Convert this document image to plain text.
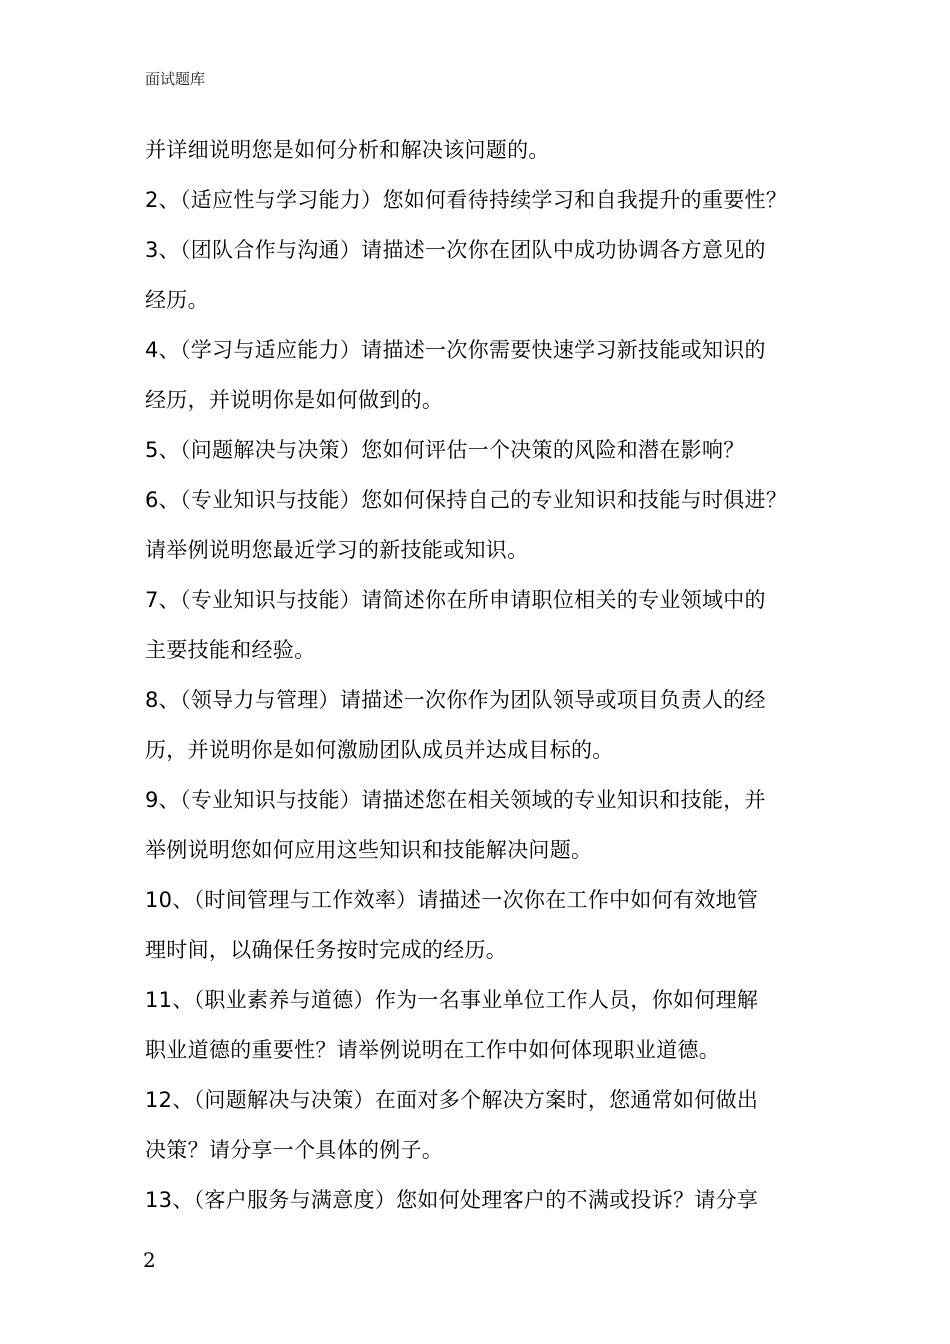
面试题库
并详细说明您是如何分析和解决该问题的。
2、（适应性与学习能力）您如何看待持续学习和自我提升的重要性？
3、（团队合作与沟通）请描述一次你在团队中成功协调各方意见的
经历。
4、（学习与适应能力）请描述一次你需要快速学习新技能或知识的
经历，并说明你是如何做到的。
5、（问题解决与决策）您如何评估一个决策的风险和潜在影响？
6、（专业知识与技能）您如何保持自己的专业知识和技能与时俱进？
请举例说明您最近学习的新技能或知识。
7、（专业知识与技能）请简述你在所申请职位相关的专业领域中的
主要技能和经验。
8、（领导力与管理）请描述一次你作为团队领导或项目负责人的经
历，并说明你是如何激励团队成员并达成目标的。
9、（专业知识与技能）请描述您在相关领域的专业知识和技能，并
举例说明您如何应用这些知识和技能解决问题。
10、（时间管理与工作效率）请描述一次你在工作中如何有效地管
理时间，以确保任务按时完成的经历。
11、（职业素养与道德）作为一名事业单位工作人员，你如何理解
职业道德的重要性？请举例说明在工作中如何体现职业道德。
12、（问题解决与决策）在面对多个解决方案时，您通常如何做出
决策？请分享一个具体的例子。
13、（客户服务与满意度）您如何处理客户的不满或投诉？请分享
2
